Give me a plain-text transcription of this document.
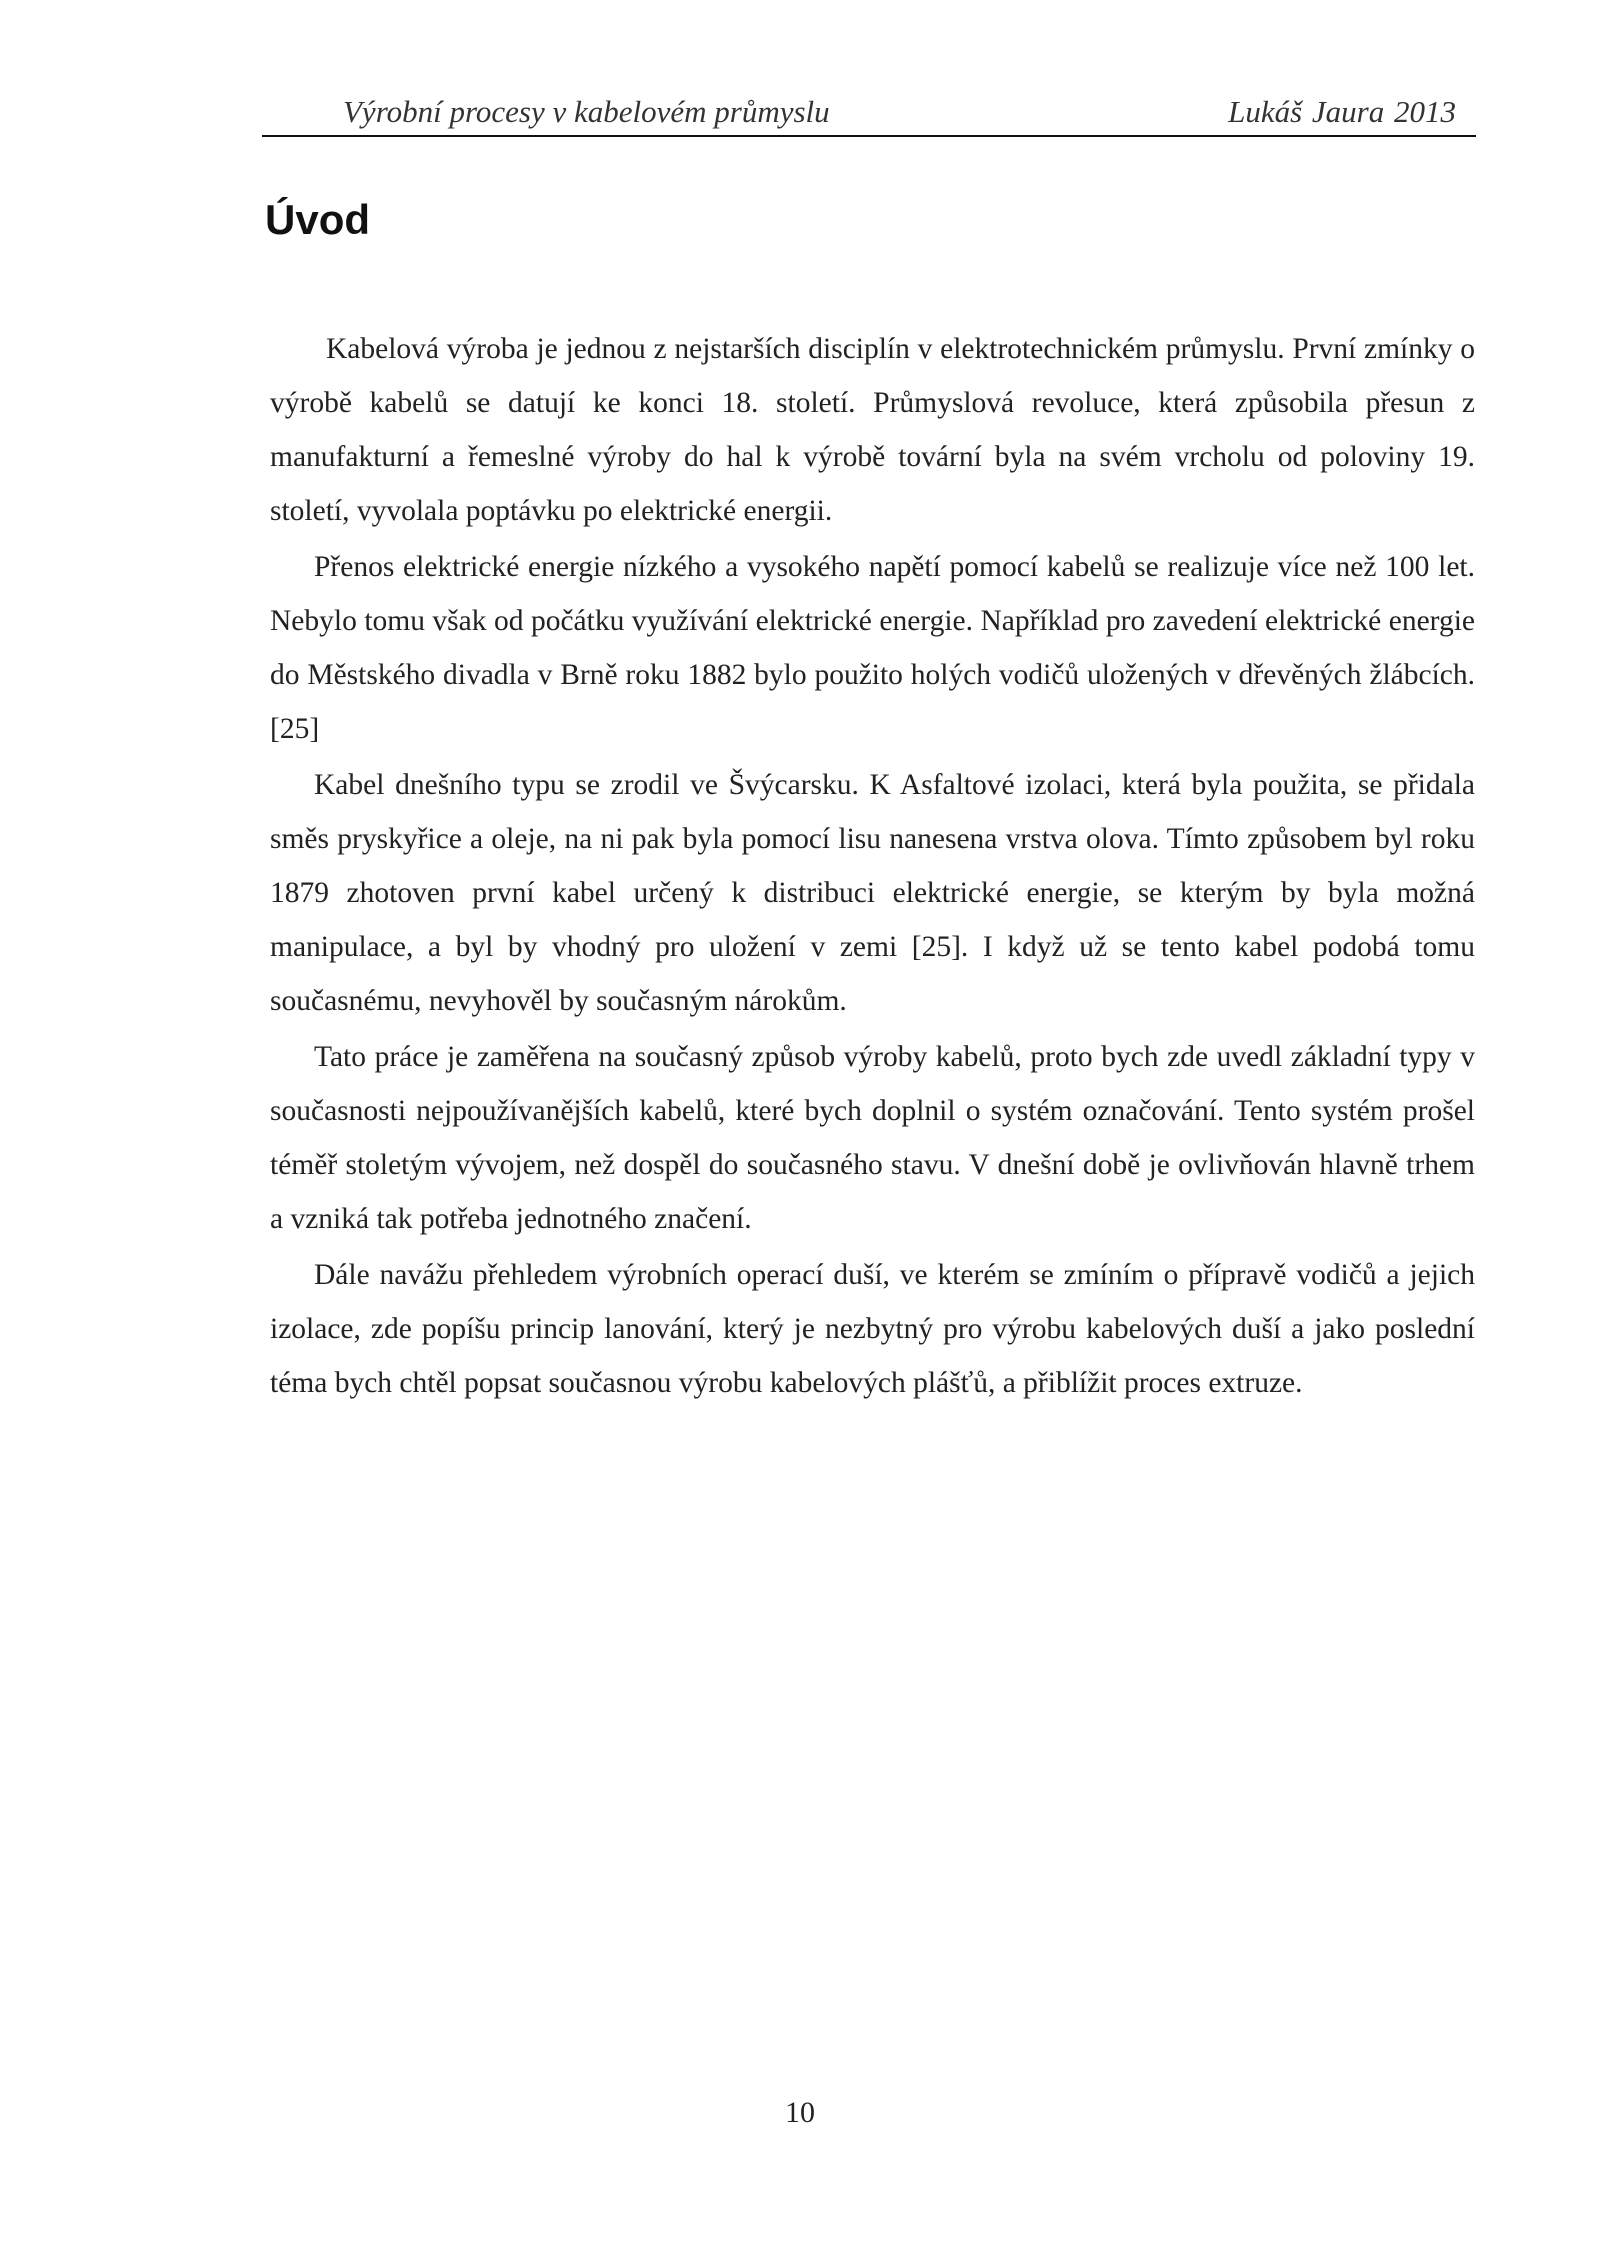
Výrobní procesy v kabelovém průmyslu	Lukáš Jaura 2013
Úvod

Kabelová výroba je jednou z nejstarších disciplín v elektrotechnickém průmyslu. První zmínky o výrobě kabelů se datují ke konci 18. století. Průmyslová revoluce, která způsobila přesun z manufakturní a řemeslné výroby do hal k výrobě tovární byla na svém vrcholu od poloviny 19. století, vyvolala poptávku po elektrické energii.

Přenos elektrické energie nízkého a vysokého napětí pomocí kabelů se realizuje více než 100 let. Nebylo tomu však od počátku využívání elektrické energie. Například pro zavedení elektrické energie do Městského divadla v Brně roku 1882 bylo použito holých vodičů uložených v dřevěných žlábcích. [25]

Kabel dnešního typu se zrodil ve Švýcarsku. K Asfaltové izolaci, která byla použita, se přidala směs pryskyřice a oleje, na ni pak byla pomocí lisu nanesena vrstva olova. Tímto způsobem byl roku 1879 zhotoven první kabel určený k distribuci elektrické energie, se kterým by byla možná manipulace, a byl by vhodný pro uložení v zemi [25]. I když už se tento kabel podobá tomu současnému, nevyhověl by současným nárokům.

Tato práce je zaměřena na současný způsob výroby kabelů, proto bych zde uvedl základní typy v současnosti nejpoužívanějších kabelů, které bych doplnil o systém označování. Tento systém prošel téměř stoletým vývojem, než dospěl do současného stavu. V dnešní době je ovlivňován hlavně trhem a vzniká tak potřeba jednotného značení.

Dále navážu přehledem výrobních operací duší, ve kterém se zmíním o přípravě vodičů a jejich izolace, zde popíšu princip lanování, který je nezbytný pro výrobu kabelových duší a jako poslední téma bych chtěl popsat současnou výrobu kabelových plášťů, a přiblížit proces extruze.

10
